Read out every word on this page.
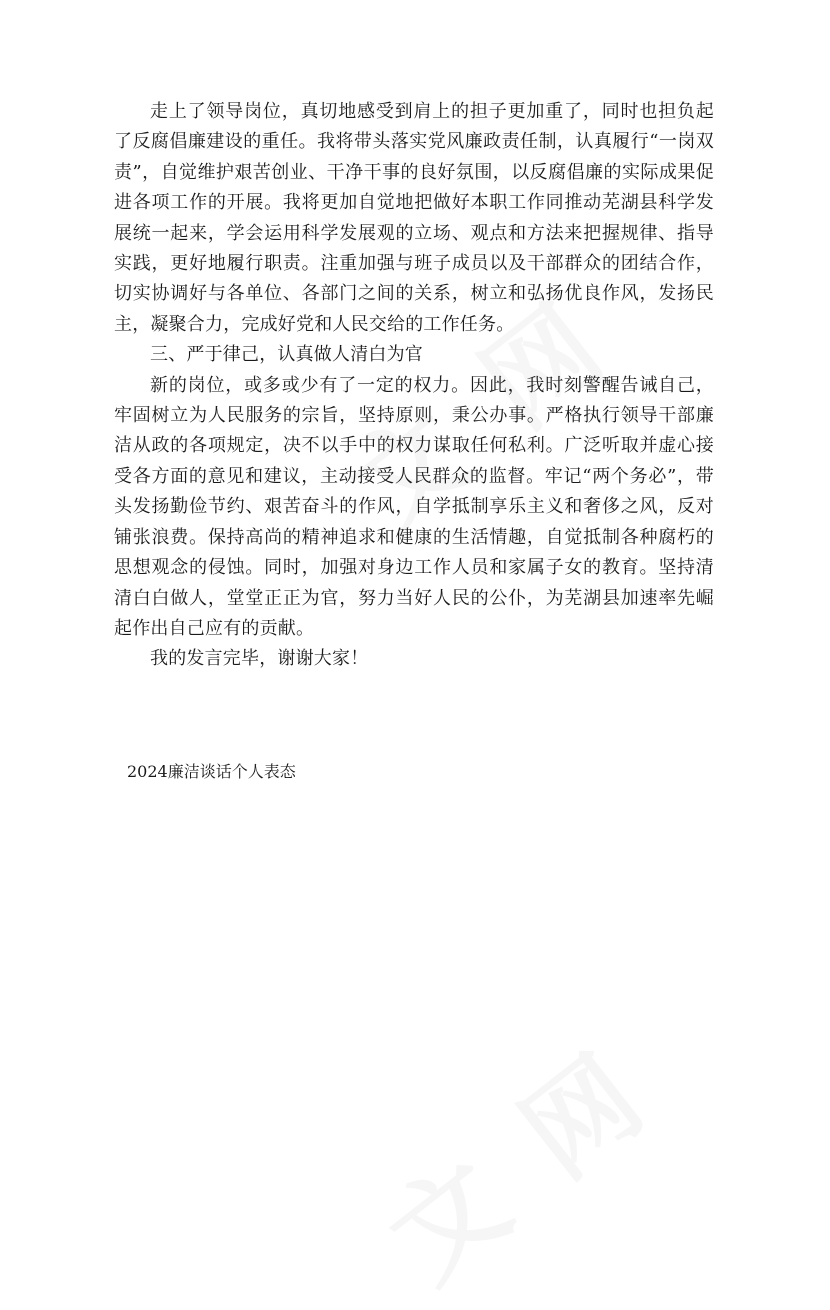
走上了领导岗位，真切地感受到肩上的担子更加重了，同时也担负起了反腐倡廉建设的重任。我将带头落实党风廉政责任制，认真履行“一岗双责”，自觉维护艰苦创业、干净干事的良好氛围，以反腐倡廉的实际成果促进各项工作的开展。我将更加自觉地把做好本职工作同推动芜湖县科学发展统一起来，学会运用科学发展观的立场、观点和方法来把握规律、指导实践，更好地履行职责。注重加强与班子成员以及干部群众的团结合作，切实协调好与各单位、各部门之间的关系，树立和弘扬优良作风，发扬民主，凝聚合力，完成好党和人民交给的工作任务。

三、严于律己，认真做人清白为官

新的岗位，或多或少有了一定的权力。因此，我时刻警醒告诫自己，牢固树立为人民服务的宗旨，坚持原则，秉公办事。严格执行领导干部廉洁从政的各项规定，决不以手中的权力谋取任何私利。广泛听取并虚心接受各方面的意见和建议，主动接受人民群众的监督。牢记“两个务必”，带头发扬勤俭节约、艰苦奋斗的作风，自学抵制享乐主义和奢侈之风，反对铺张浪费。保持高尚的精神追求和健康的生活情趣，自觉抵制各种腐朽的思想观念的侵蚀。同时，加强对身边工作人员和家属子女的教育。坚持清清白白做人，堂堂正正为官，努力当好人民的公仆，为芜湖县加速率先崛起作出自己应有的贡献。

我的发言完毕，谢谢大家！

2024廉洁谈话个人表态
